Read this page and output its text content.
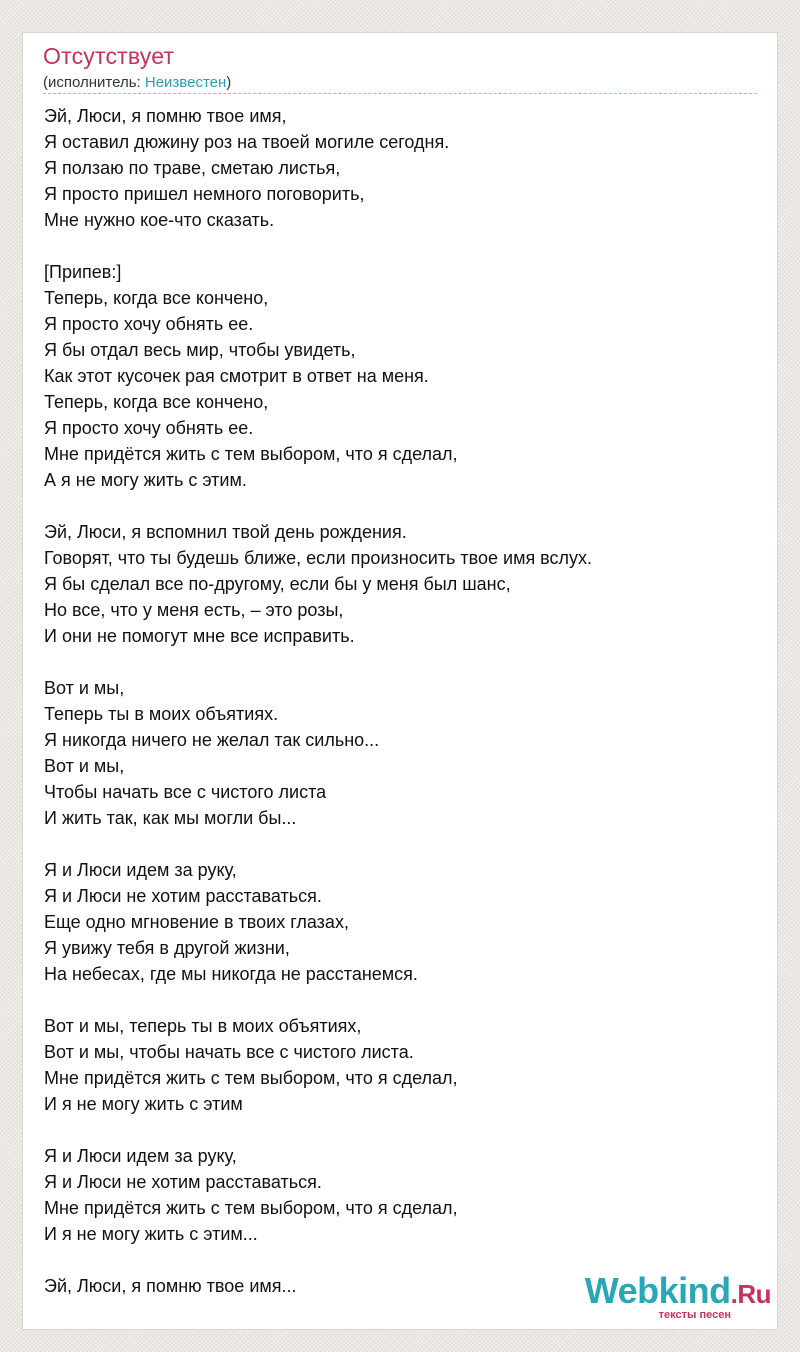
Отсутствует
(исполнитель: Неизвестен)
Эй, Люси, я помню твое имя,
Я оставил дюжину роз на твоей могиле сегодня.
Я ползаю по траве, сметаю листья,
Я просто пришел немного поговорить,
Мне нужно кое-что сказать.
[Припев:]
Теперь, когда все кончено,
Я просто хочу обнять ее.
Я бы отдал весь мир, чтобы увидеть,
Как этот кусочек рая смотрит в ответ на меня.
Теперь, когда все кончено,
Я просто хочу обнять ее.
Мне придётся жить с тем выбором, что я сделал,
А я не могу жить с этим.
Эй, Люси, я вспомнил твой день рождения.
Говорят, что ты будешь ближе, если произносить твое имя вслух.
Я бы сделал все по-другому, если бы у меня был шанс,
Но все, что у меня есть, – это розы,
И они не помогут мне все исправить.
Вот и мы,
Теперь ты в моих объятиях.
Я никогда ничего не желал так сильно...
Вот и мы,
Чтобы начать все с чистого листа
И жить так, как мы могли бы...
Я и Люси идем за руку,
Я и Люси не хотим расставаться.
Еще одно мгновение в твоих глазах,
Я увижу тебя в другой жизни,
На небесах, где мы никогда не расстанемся.
Вот и мы, теперь ты в моих объятиях,
Вот и мы, чтобы начать все с чистого листа.
Мне придётся жить с тем выбором, что я сделал,
И я не могу жить с этим
Я и Люси идем за руку,
Я и Люси не хотим расставаться.
Мне придётся жить с тем выбором, что я сделал,
И я не могу жить с этим...
Эй, Люси, я помню твое имя...	Webkind.Ru
тексты песен
